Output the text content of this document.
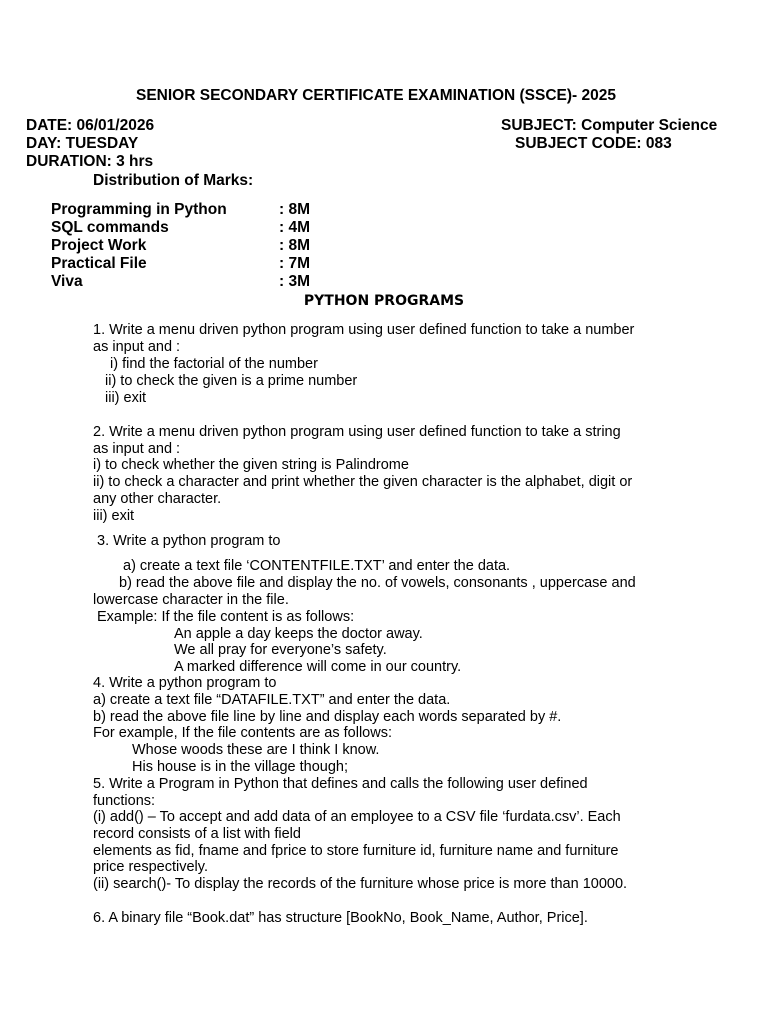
SENIOR SECONDARY CERTIFICATE EXAMINATION (SSCE)- 2025
DATE: 06/01/2026	SUBJECT: Computer Science
DAY: TUESDAY	SUBJECT CODE: 083
DURATION: 3 hrs
Distribution of Marks:
Programming in Python	: 8M
SQL commands	: 4M
Project Work	: 8M
Practical File	: 7M
Viva	: 3M
PYTHON PROGRAMS
1. Write a menu driven python program using user defined function to take a number
as input and :
i) find the factorial of the number
ii) to check the given is a prime number
iii) exit
2. Write a menu driven python program using user defined function to take a string
as input and :
i) to check whether the given string is Palindrome
ii) to check a character and print whether the given character is the alphabet, digit or
any other character.
iii) exit
3. Write a python program to
a) create a text file ‘CONTENTFILE.TXT’ and enter the data.
b) read the above file and display the no. of vowels, consonants , uppercase and
lowercase character in the file.
Example: If the file content is as follows:
An apple a day keeps the doctor away.
We all pray for everyone’s safety.
A marked difference will come in our country.
4. Write a python program to
a) create a text file “DATAFILE.TXT” and enter the data.
b) read the above file line by line and display each words separated by #.
For example, If the file contents are as follows:
Whose woods these are I think I know.
His house is in the village though;
5. Write a Program in Python that defines and calls the following user defined
functions:
(i) add() – To accept and add data of an employee to a CSV file ‘furdata.csv’. Each
record consists of a list with field
elements as fid, fname and fprice to store furniture id, furniture name and furniture
price respectively.
(ii) search()- To display the records of the furniture whose price is more than 10000.
6. A binary file “Book.dat” has structure [BookNo, Book_Name, Author, Price].
